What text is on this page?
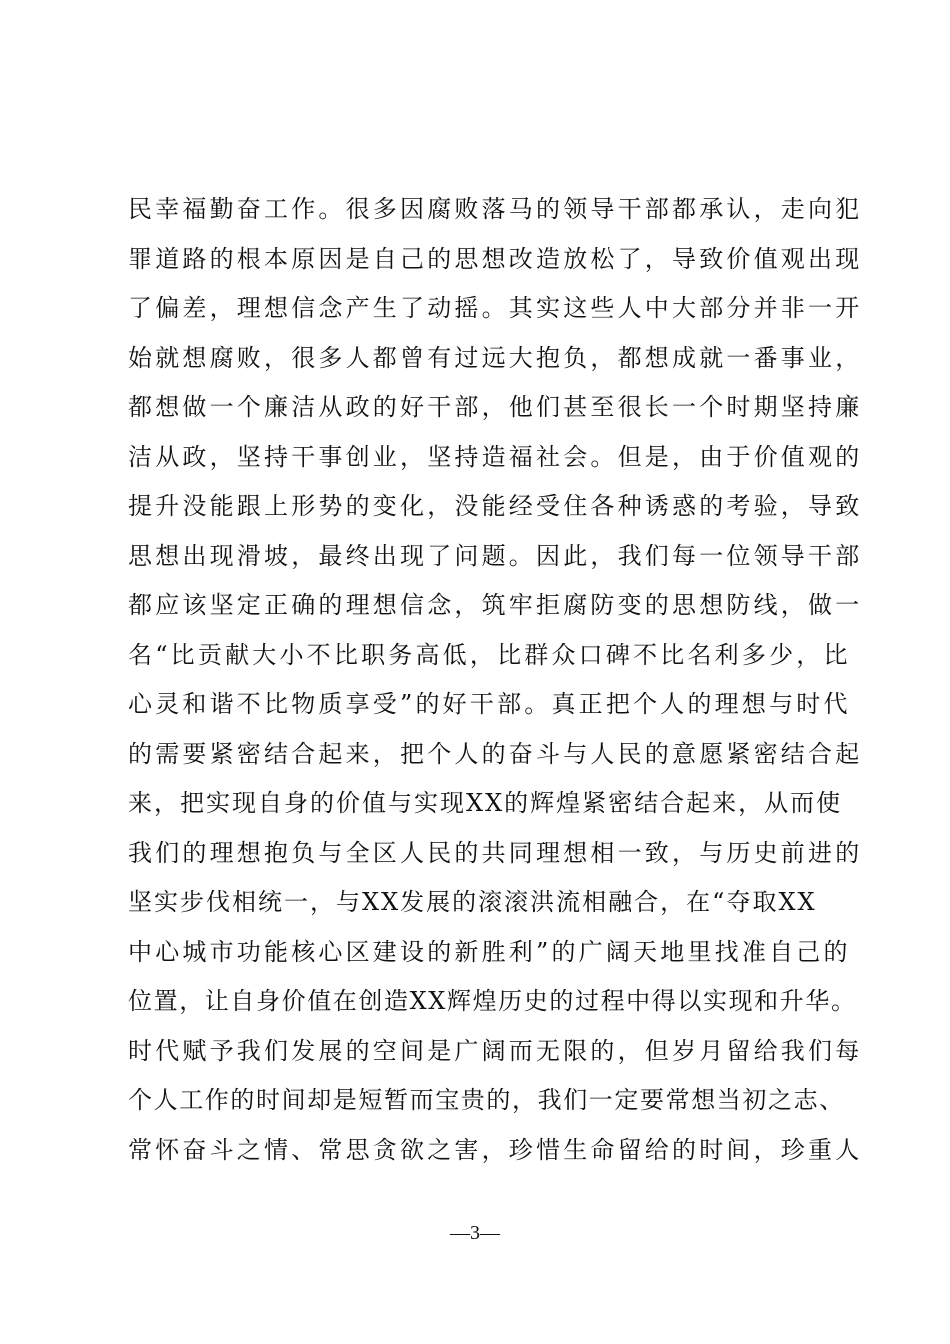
民幸福勤奋工作。很多因腐败落马的领导干部都承认，走向犯
罪道路的根本原因是自己的思想改造放松了，导致价值观出现
了偏差，理想信念产生了动摇。其实这些人中大部分并非一开
始就想腐败，很多人都曾有过远大抱负，都想成就一番事业，
都想做一个廉洁从政的好干部，他们甚至很长一个时期坚持廉
洁从政，坚持干事创业，坚持造福社会。但是，由于价值观的
提升没能跟上形势的变化，没能经受住各种诱惑的考验，导致
思想出现滑坡，最终出现了问题。因此，我们每一位领导干部
都应该坚定正确的理想信念，筑牢拒腐防变的思想防线，做一
名“比贡献大小不比职务高低，比群众口碑不比名利多少，比
心灵和谐不比物质享受”的好干部。真正把个人的理想与时代
的需要紧密结合起来，把个人的奋斗与人民的意愿紧密结合起
来，把实现自身的价值与实现XX的辉煌紧密结合起来，从而使
我们的理想抱负与全区人民的共同理想相一致，与历史前进的
坚实步伐相统一，与XX发展的滚滚洪流相融合，在“夺取XX
中心城市功能核心区建设的新胜利”的广阔天地里找准自己的
位置，让自身价值在创造XX辉煌历史的过程中得以实现和升华。
时代赋予我们发展的空间是广阔而无限的，但岁月留给我们每
个人工作的时间却是短暂而宝贵的，我们一定要常想当初之志、
常怀奋斗之情、常思贪欲之害，珍惜生命留给的时间，珍重人
—3—
